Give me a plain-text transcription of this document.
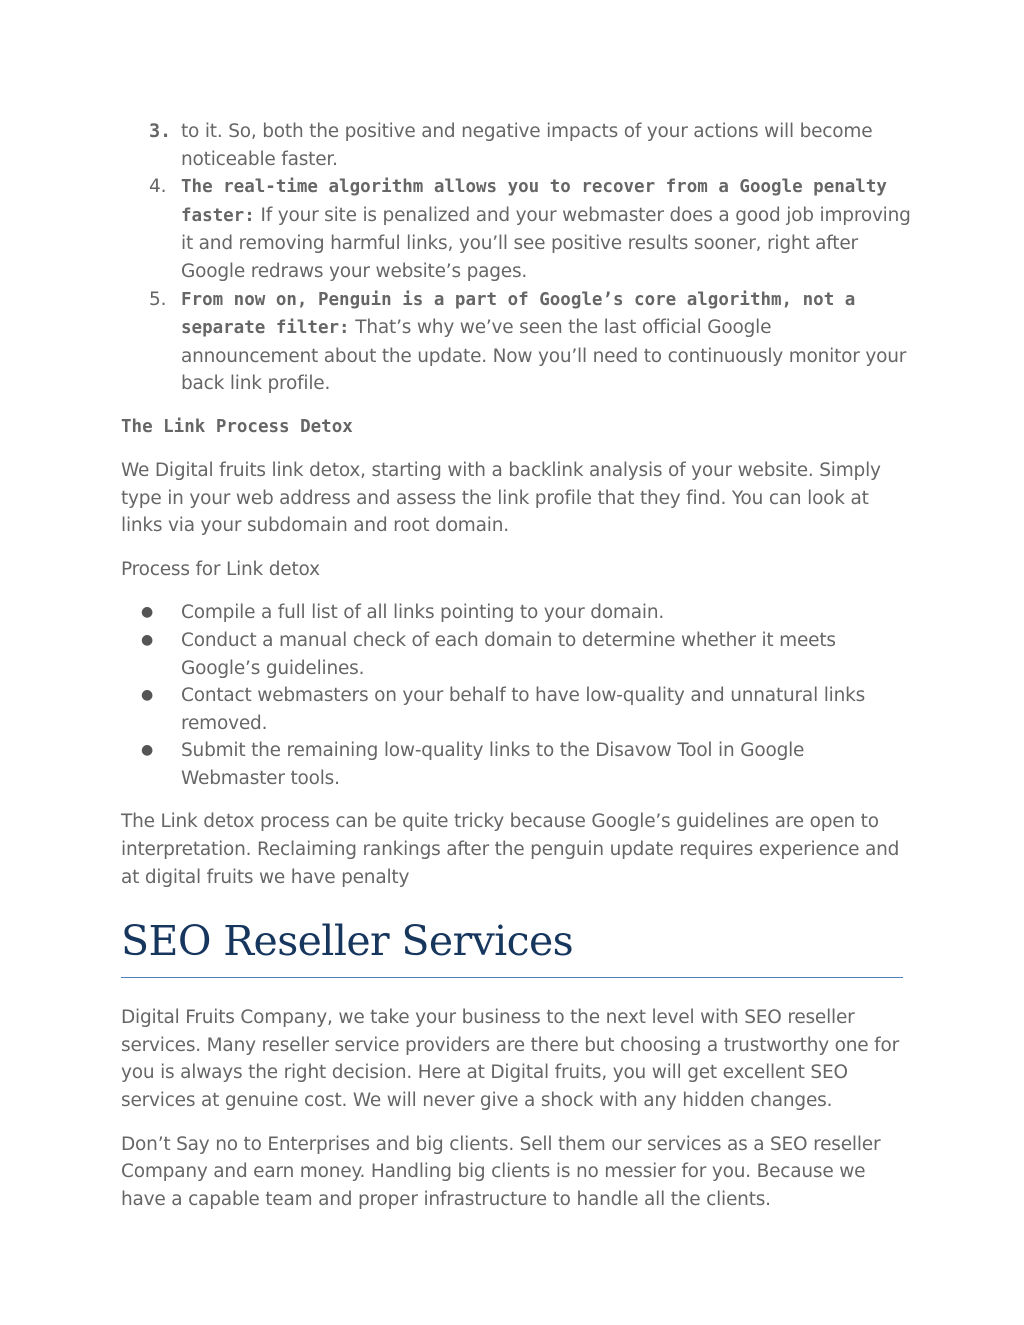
3. to it. So, both the positive and negative impacts of your actions will become noticeable faster.
4. The real-time algorithm allows you to recover from a Google penalty faster: If your site is penalized and your webmaster does a good job improving it and removing harmful links, you’ll see positive results sooner, right after Google redraws your website’s pages.
5. From now on, Penguin is a part of Google’s core algorithm, not a separate filter: That’s why we’ve seen the last official Google announcement about the update. Now you’ll need to continuously monitor your back link profile.
The Link Process Detox

We Digital fruits link detox, starting with a backlink analysis of your website. Simply type in your web address and assess the link profile that they find. You can look at links via your subdomain and root domain.

Process for Link detox

● Compile a full list of all links pointing to your domain.
● Conduct a manual check of each domain to determine whether it meets Google’s guidelines.
● Contact webmasters on your behalf to have low-quality and unnatural links removed.
● Submit the remaining low-quality links to the Disavow Tool in Google Webmaster tools.

The Link detox process can be quite tricky because Google’s guidelines are open to interpretation. Reclaiming rankings after the penguin update requires experience and at digital fruits we have penalty

SEO Reseller Services

Digital Fruits Company, we take your business to the next level with SEO reseller services. Many reseller service providers are there but choosing a trustworthy one for you is always the right decision. Here at Digital fruits, you will get excellent SEO services at genuine cost. We will never give a shock with any hidden changes.

Don’t Say no to Enterprises and big clients. Sell them our services as a SEO reseller Company and earn money. Handling big clients is no messier for you. Because we have a capable team and proper infrastructure to handle all the clients.
